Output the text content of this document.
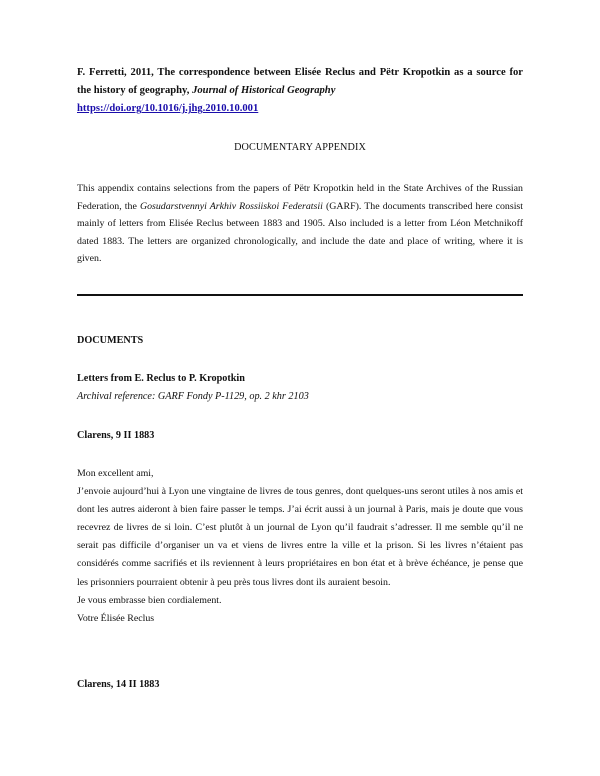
F. Ferretti, 2011, The correspondence between Elisée Reclus and Pëtr Kropotkin as a source for the history of geography, Journal of Historical Geography
https://doi.org/10.1016/j.jhg.2010.10.001
DOCUMENTARY APPENDIX
This appendix contains selections from the papers of Pëtr Kropotkin held in the State Archives of the Russian Federation, the Gosudarstvennyi Arkhiv Rossiiskoi Federatsii (GARF). The documents transcribed here consist mainly of letters from Elisée Reclus between 1883 and 1905. Also included is a letter from Léon Metchnikoff dated 1883. The letters are organized chronologically, and include the date and place of writing, where it is given.
DOCUMENTS
Letters from E. Reclus to P. Kropotkin
Archival reference: GARF Fondy P-1129, op. 2 khr 2103
Clarens, 9 II 1883
Mon excellent ami,
J’envoie aujourd’hui à Lyon une vingtaine de livres de tous genres, dont quelques-uns seront utiles à nos amis et dont les autres aideront à bien faire passer le temps. J’ai écrit aussi à un journal à Paris, mais je doute que vous recevrez de livres de si loin. C’est plutôt à un journal de Lyon qu’il faudrait s’adresser. Il me semble qu’il ne serait pas difficile d’organiser un va et viens de livres entre la ville et la prison. Si les livres n’étaient pas considérés comme sacrifiés et ils reviennent à leurs propriétaires en bon état et à brève échéance, je pense que les prisonniers pourraient obtenir à peu près tous livres dont ils auraient besoin.
Je vous embrasse bien cordialement.
Votre Élisée Reclus
Clarens, 14 II 1883
